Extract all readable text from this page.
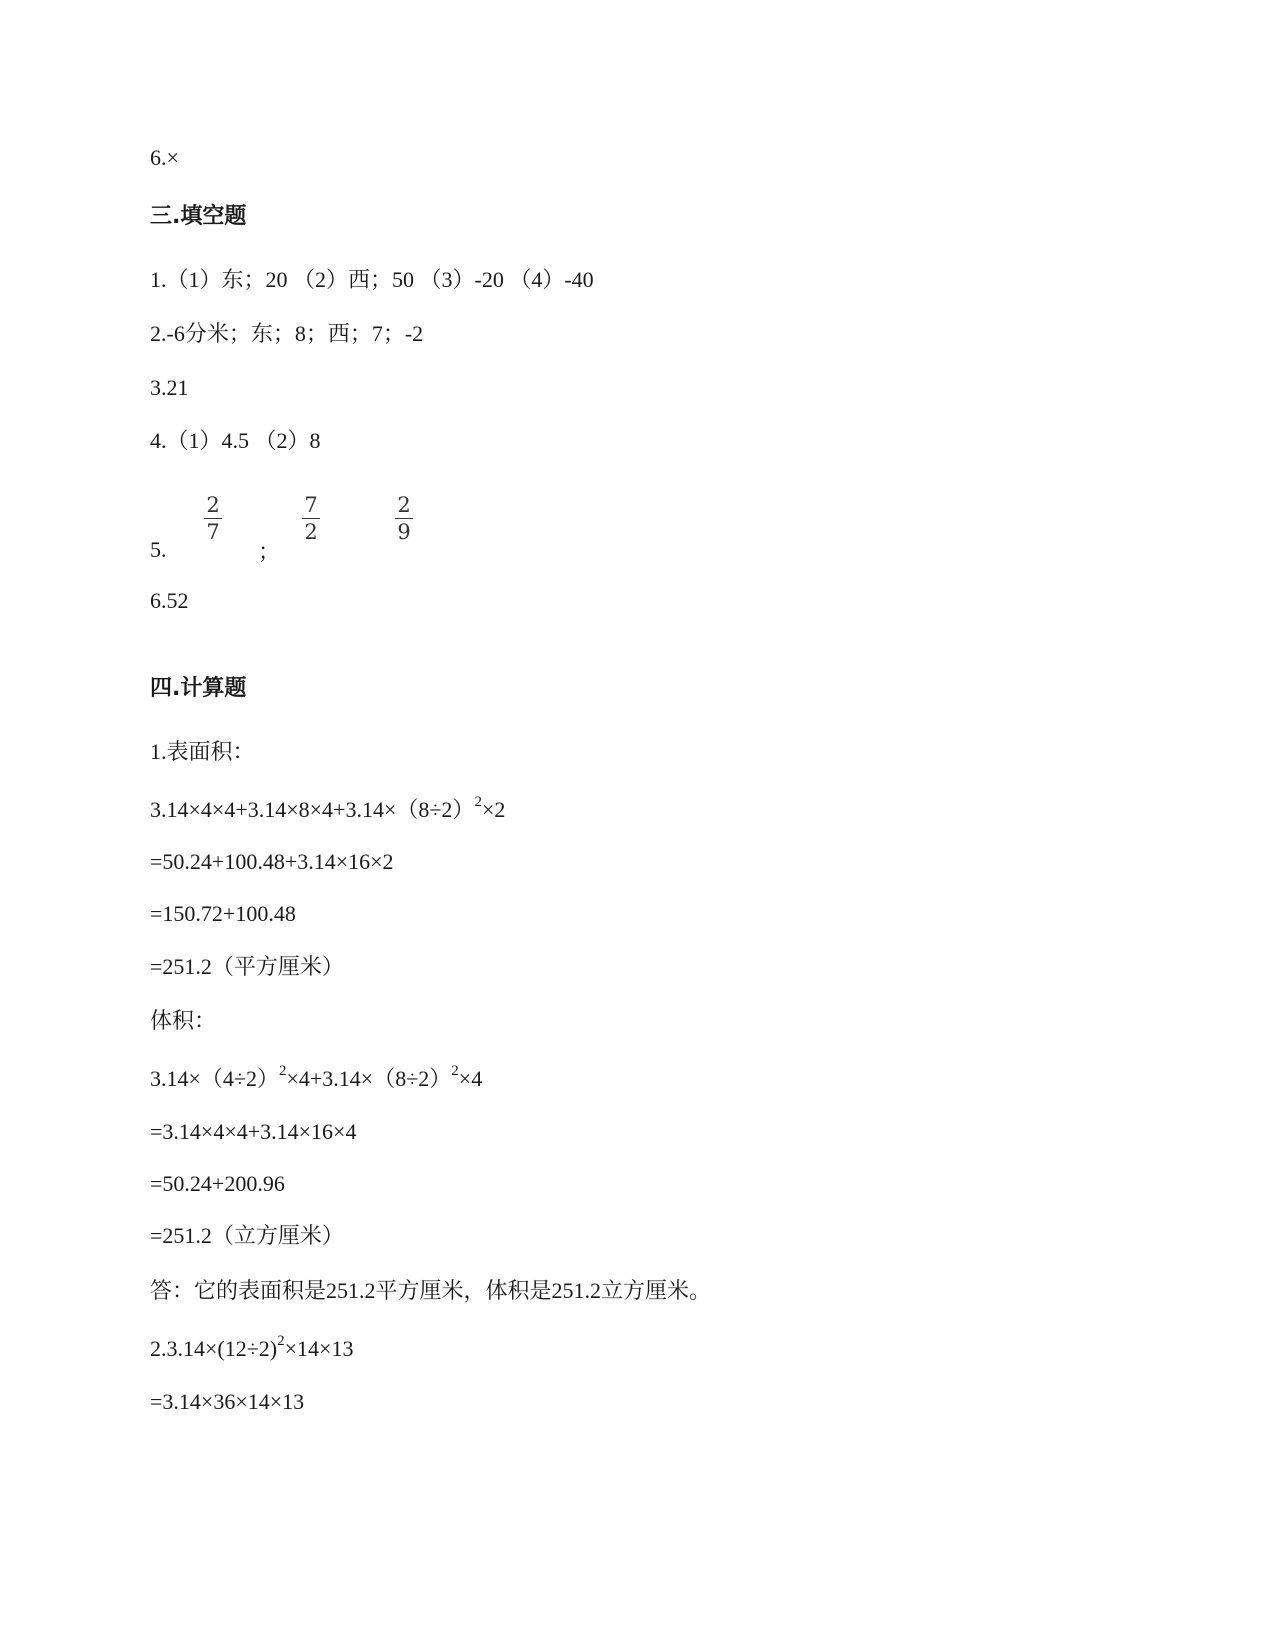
6.×
三.填空题
1.（1）东；20 （2）西；50 （3）-20 （4）-40
2.-6分米；东；8；西；7；-2
3.21
4.（1）4.5 （2）8
5.	；
2
7
7
2
2
9
6.52
四.计算题
1.表面积：
$3.14\times 4\times 4+3.14\times 8\times 4+3.14\times(8\div 2)^2\times 2$
=50.24+100.48+3.14×16×2
=150.72+100.48
=251.2（平方厘米）
体积：
$3.14\times(4\div 2)^2\times 4+3.14\times(8\div 2)^2\times 4$
=3.14×4×4+3.14×16×4
=50.24+200.96
=251.2（立方厘米）
答：它的表面积是251.2平方厘米，体积是251.2立方厘米。
$2.3.14\times(12\div 2)^2\times 14\times 13$
=3.14×36×14×13
